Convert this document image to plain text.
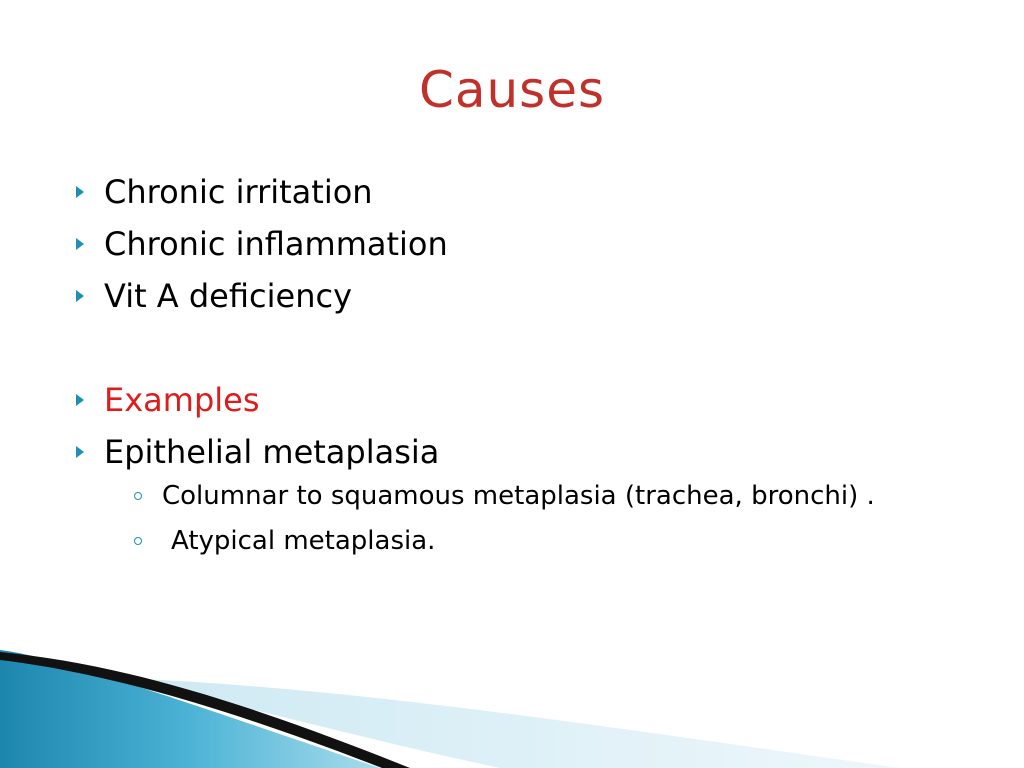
Causes
Chronic irritation
Chronic inflammation
Vit A deficiency
Examples
Epithelial metaplasia
Columnar to squamous metaplasia (trachea, bronchi) .
Atypical metaplasia.
